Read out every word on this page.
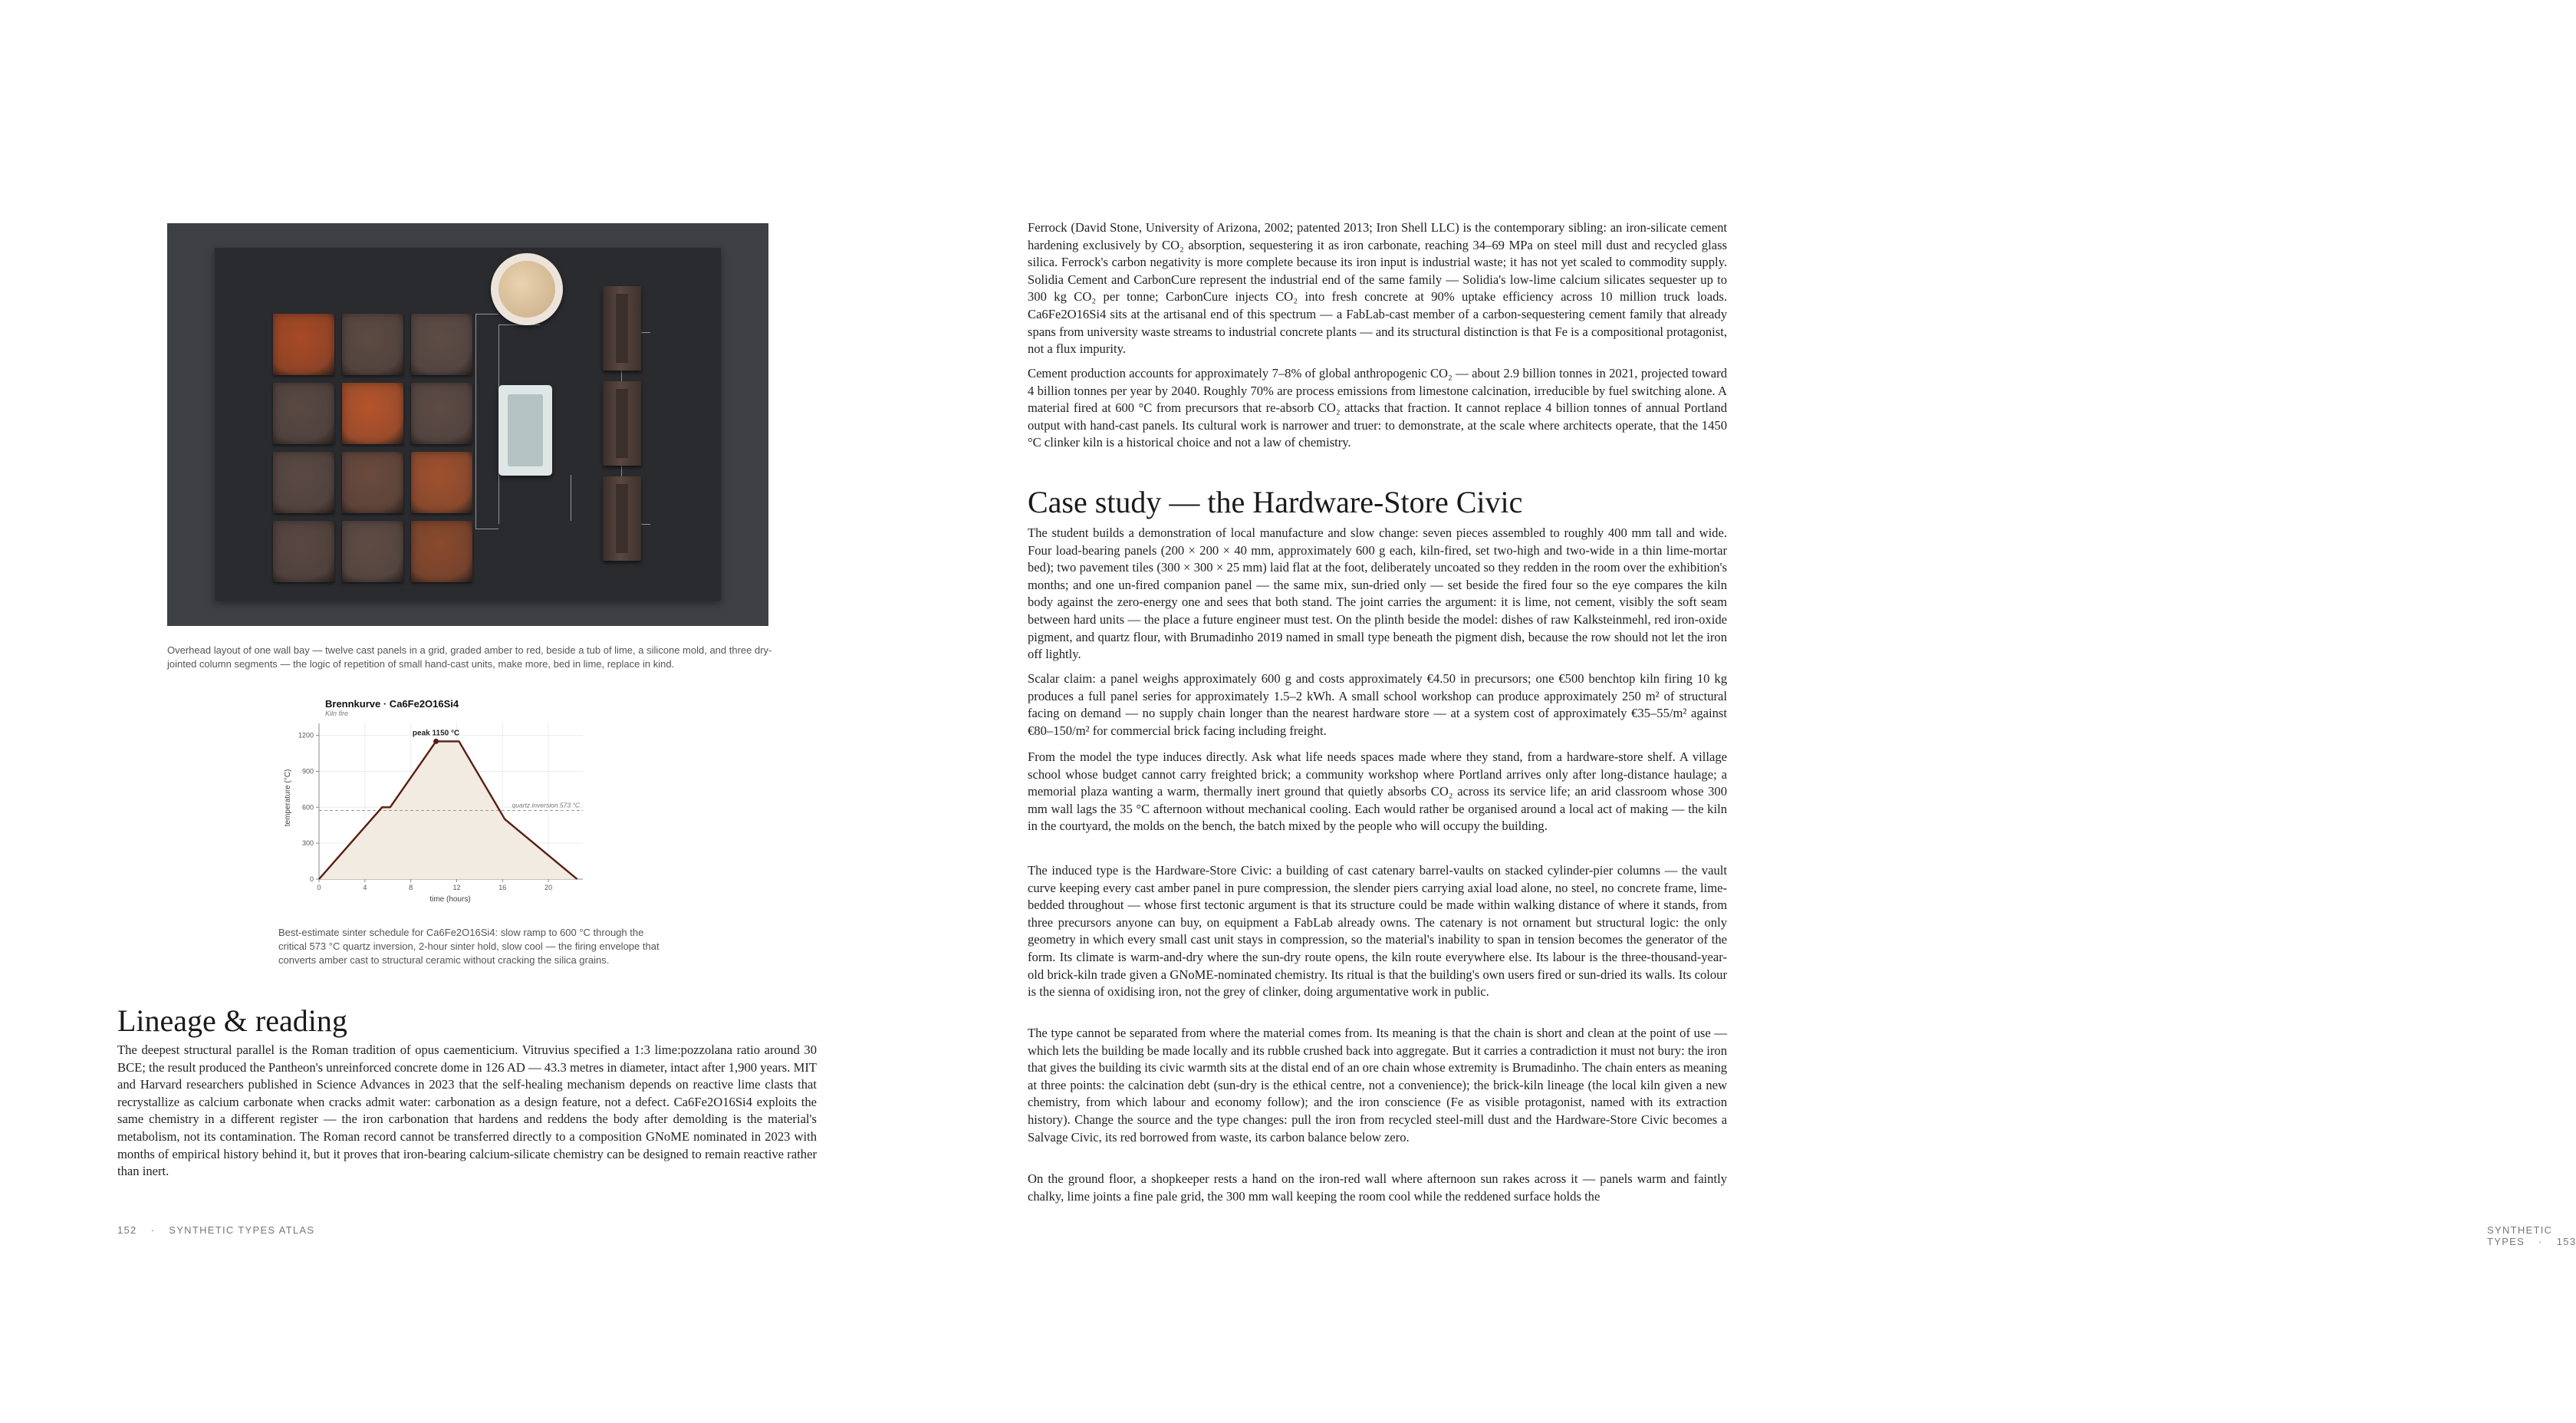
Overhead layout of one wall bay — twelve cast panels in a grid, graded amber to red, beside a tub of lime, a silicone mold, and three dry-jointed column segments — the logic of repetition of small hand-cast units, make more, bed in lime, replace in kind.
Brennkurve · Ca6Fe2O16Si4
Kiln fire
0
300
600
900
1200
0	4	8	12	16	20
quartz inversion 573 °C
peak 1150 °C
time (hours)
temperature (°C)
Best-estimate sinter schedule for Ca6Fe2O16Si4: slow ramp to 600 °C through the critical 573 °C quartz inversion, 2-hour sinter hold, slow cool — the firing envelope that converts amber cast to structural ceramic without cracking the silica grains.
Lineage & reading

The deepest structural parallel is the Roman tradition of opus caementicium. Vitruvius specified a 1:3 lime:pozzolana ratio around 30 BCE; the result produced the Pantheon's unreinforced concrete dome in 126 AD — 43.3 metres in diameter, intact after 1,900 years. MIT and Harvard researchers published in Science Advances in 2023 that the self-healing mechanism depends on reactive lime clasts that recrystallize as calcium carbonate when cracks admit water: carbonation as a design feature, not a defect. Ca6Fe2O16Si4 exploits the same chemistry in a different register — the iron carbonation that hardens and reddens the body after demolding is the material's metabolism, not its contamination. The Roman record cannot be transferred directly to a composition GNoME nominated in 2023 with months of empirical history behind it, but it proves that iron-bearing calcium-silicate chemistry can be designed to remain reactive rather than inert.

152 · SYNTHETIC TYPES ATLAS

Ferrock (David Stone, University of Arizona, 2002; patented 2013; Iron Shell LLC) is the contemporary sibling: an iron-silicate cement hardening exclusively by CO₂ absorption, sequestering it as iron carbonate, reaching 34–69 MPa on steel mill dust and recycled glass silica. Ferrock's carbon negativity is more complete because its iron input is industrial waste; it has not yet scaled to commodity supply. Solidia Cement and CarbonCure represent the industrial end of the same family — Solidia's low-lime calcium silicates sequester up to 300 kg CO₂ per tonne; CarbonCure injects CO₂ into fresh concrete at 90% uptake efficiency across 10 million truck loads. Ca6Fe2O16Si4 sits at the artisanal end of this spectrum — a FabLab-cast member of a carbon-sequestering cement family that already spans from university waste streams to industrial concrete plants — and its structural distinction is that Fe is a compositional protagonist, not a flux impurity.

Cement production accounts for approximately 7–8% of global anthropogenic CO₂ — about 2.9 billion tonnes in 2021, projected toward 4 billion tonnes per year by 2040. Roughly 70% are process emissions from limestone calcination, irreducible by fuel switching alone. A material fired at 600 °C from precursors that re-absorb CO₂ attacks that fraction. It cannot replace 4 billion tonnes of annual Portland output with hand-cast panels. Its cultural work is narrower and truer: to demonstrate, at the scale where architects operate, that the 1450 °C clinker kiln is a historical choice and not a law of chemistry.

Case study — the Hardware-Store Civic

The student builds a demonstration of local manufacture and slow change: seven pieces assembled to roughly 400 mm tall and wide. Four load-bearing panels (200 × 200 × 40 mm, approximately 600 g each, kiln-fired, set two-high and two-wide in a thin lime-mortar bed); two pavement tiles (300 × 300 × 25 mm) laid flat at the foot, deliberately uncoated so they redden in the room over the exhibition's months; and one un-fired companion panel — the same mix, sun-dried only — set beside the fired four so the eye compares the kiln body against the zero-energy one and sees that both stand. The joint carries the argument: it is lime, not cement, visibly the soft seam between hard units — the place a future engineer must test. On the plinth beside the model: dishes of raw Kalksteinmehl, red iron-oxide pigment, and quartz flour, with Brumadinho 2019 named in small type beneath the pigment dish, because the row should not let the iron off lightly.

Scalar claim: a panel weighs approximately 600 g and costs approximately €4.50 in precursors; one €500 benchtop kiln firing 10 kg produces a full panel series for approximately 1.5–2 kWh. A small school workshop can produce approximately 250 m² of structural facing on demand — no supply chain longer than the nearest hardware store — at a system cost of approximately €35–55/m² against €80–150/m² for commercial brick facing including freight.

From the model the type induces directly. Ask what life needs spaces made where they stand, from a hardware-store shelf. A village school whose budget cannot carry freighted brick; a community workshop where Portland arrives only after long-distance haulage; a memorial plaza wanting a warm, thermally inert ground that quietly absorbs CO₂ across its service life; an arid classroom whose 300 mm wall lags the 35 °C afternoon without mechanical cooling. Each would rather be organised around a local act of making — the kiln in the courtyard, the molds on the bench, the batch mixed by the people who will occupy the building.

The induced type is the Hardware-Store Civic: a building of cast catenary barrel-vaults on stacked cylinder-pier columns — the vault curve keeping every cast amber panel in pure compression, the slender piers carrying axial load alone, no steel, no concrete frame, lime-bedded throughout — whose first tectonic argument is that its structure could be made within walking distance of where it stands, from three precursors anyone can buy, on equipment a FabLab already owns. The catenary is not ornament but structural logic: the only geometry in which every small cast unit stays in compression, so the material's inability to span in tension becomes the generator of the form. Its climate is warm-and-dry where the sun-dry route opens, the kiln route everywhere else. Its labour is the three-thousand-year-old brick-kiln trade given a GNoME-nominated chemistry. Its ritual is that the building's own users fired or sun-dried its walls. Its colour is the sienna of oxidising iron, not the grey of clinker, doing argumentative work in public.

The type cannot be separated from where the material comes from. Its meaning is that the chain is short and clean at the point of use — which lets the building be made locally and its rubble crushed back into aggregate. But it carries a contradiction it must not bury: the iron that gives the building its civic warmth sits at the distal end of an ore chain whose extremity is Brumadinho. The chain enters as meaning at three points: the calcination debt (sun-dry is the ethical centre, not a convenience); the brick-kiln lineage (the local kiln given a new chemistry, from which labour and economy follow); and the iron conscience (Fe as visible protagonist, named with its extraction history). Change the source and the type changes: pull the iron from recycled steel-mill dust and the Hardware-Store Civic becomes a Salvage Civic, its red borrowed from waste, its carbon balance below zero.

On the ground floor, a shopkeeper rests a hand on the iron-red wall where afternoon sun rakes across it — panels warm and faintly chalky, lime joints a fine pale grid, the 300 mm wall keeping the room cool while the reddened surface holds the

SYNTHETIC TYPES · 153
